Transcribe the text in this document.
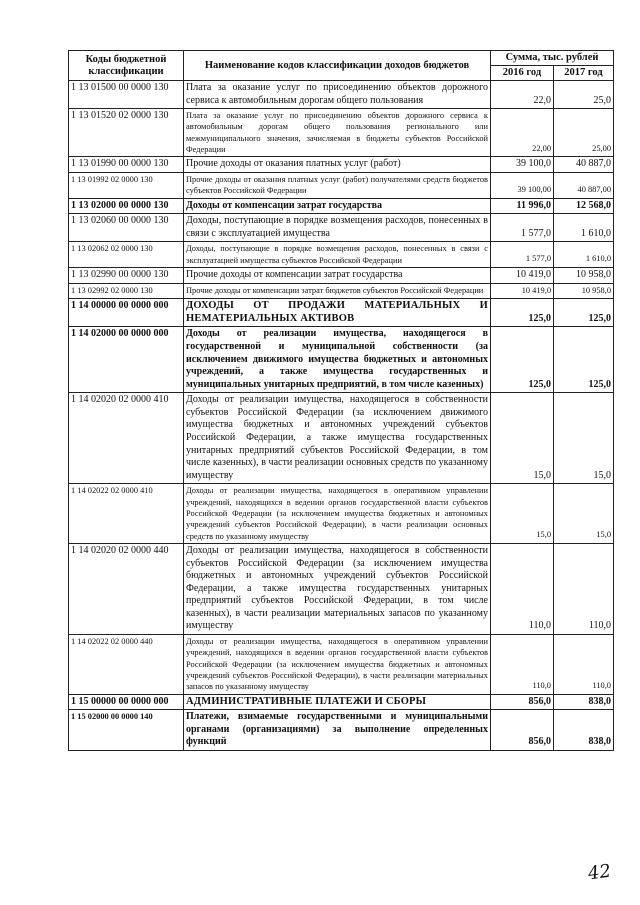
Коды бюджетной классификации	Наименование кодов классификации доходов бюджетов	Сумма, тыс. рублей	
		2016 год	2017 год
1 13 01500 00 0000 130	Плата за оказание услуг по присоединению объектов дорожного сервиса к автомобильным дорогам общего пользования	22,0	25,0
1 13 01520 02 0000 130	Плата за оказание услуг по присоединению объектов дорожного сервиса к автомобильным дорогам общего пользования регионального или межмуниципального значения, зачисляемая в бюджеты субъектов Российской Федерации	22,00	25,00
1 13 01990 00 0000 130	Прочие доходы от оказания платных услуг (работ)	39 100,0	40 887,0
1 13 01992 02 0000 130	Прочие доходы от оказания платных услуг (работ) получателями средств бюджетов субъектов Российской Федерации	39 100,00	40 887,00
1 13 02000 00 0000 130	Доходы от компенсации затрат государства	11 996,0	12 568,0
1 13 02060 00 0000 130	Доходы, поступающие в порядке возмещения расходов, понесенных в связи с эксплуатацией имущества	1 577,0	1 610,0
1 13 02062 02 0000 130	Доходы, поступающие в порядке возмещения расходов, понесенных в связи с эксплуатацией имущества субъектов Российской Федерации	1 577,0	1 610,0
1 13 02990 00 0000 130	Прочие доходы от компенсации затрат государства	10 419,0	10 958,0
1 13 02992 02 0000 130	Прочие доходы от компенсации затрат бюджетов субъектов Российской Федерации	10 419,0	10 958,0
1 14 00000 00 0000 000	ДОХОДЫ ОТ ПРОДАЖИ МАТЕРИАЛЬНЫХ И НЕМАТЕРИАЛЬНЫХ АКТИВОВ	125,0	125,0
1 14 02000 00 0000 000	Доходы от реализации имущества, находящегося в государственной и муниципальной собственности (за исключением движимого имущества бюджетных и автономных учреждений, а также имущества государственных и муниципальных унитарных предприятий, в том числе казенных)	125,0	125,0
1 14 02020 02 0000 410	Доходы от реализации имущества, находящегося в собственности субъектов Российской Федерации (за исключением движимого имущества бюджетных и автономных учреждений субъектов Российской Федерации, а также имущества государственных унитарных предприятий субъектов Российской Федерации, в том числе казенных), в части реализации основных средств по указанному имуществу	15,0	15,0
1 14 02022 02 0000 410	Доходы от реализации имущества, находящегося в оперативном управлении учреждений, находящихся в ведении органов государственной власти субъектов Российской Федерации (за исключением имущества бюджетных и автономных учреждений субъектов Российской Федерации), в части реализации основных средств по указанному имуществу	15,0	15,0
1 14 02020 02 0000 440	Доходы от реализации имущества, находящегося в собственности субъектов Российской Федерации (за исключением имущества бюджетных и автономных учреждений субъектов Российской Федерации, а также имущества государственных унитарных предприятий субъектов Российской Федерации, в том числе казенных), в части реализации материальных запасов по указанному имуществу	110,0	110,0
1 14 02022 02 0000 440	Доходы от реализации имущества, находящегося в оперативном управлении учреждений, находящихся в ведении органов государственной власти субъектов Российской Федерации (за исключением имущества бюджетных и автономных учреждений субъектов Российской Федерации), в части реализации материальных запасов по указанному имуществу	110,0	110,0
1 15 00000 00 0000 000	АДМИНИСТРАТИВНЫЕ ПЛАТЕЖИ И СБОРЫ	856,0	838,0
1 15 02000 00 0000 140	Платежи, взимаемые государственными и муниципальными органами (организациями) за выполнение определенных функций	856,0	838,0
42
